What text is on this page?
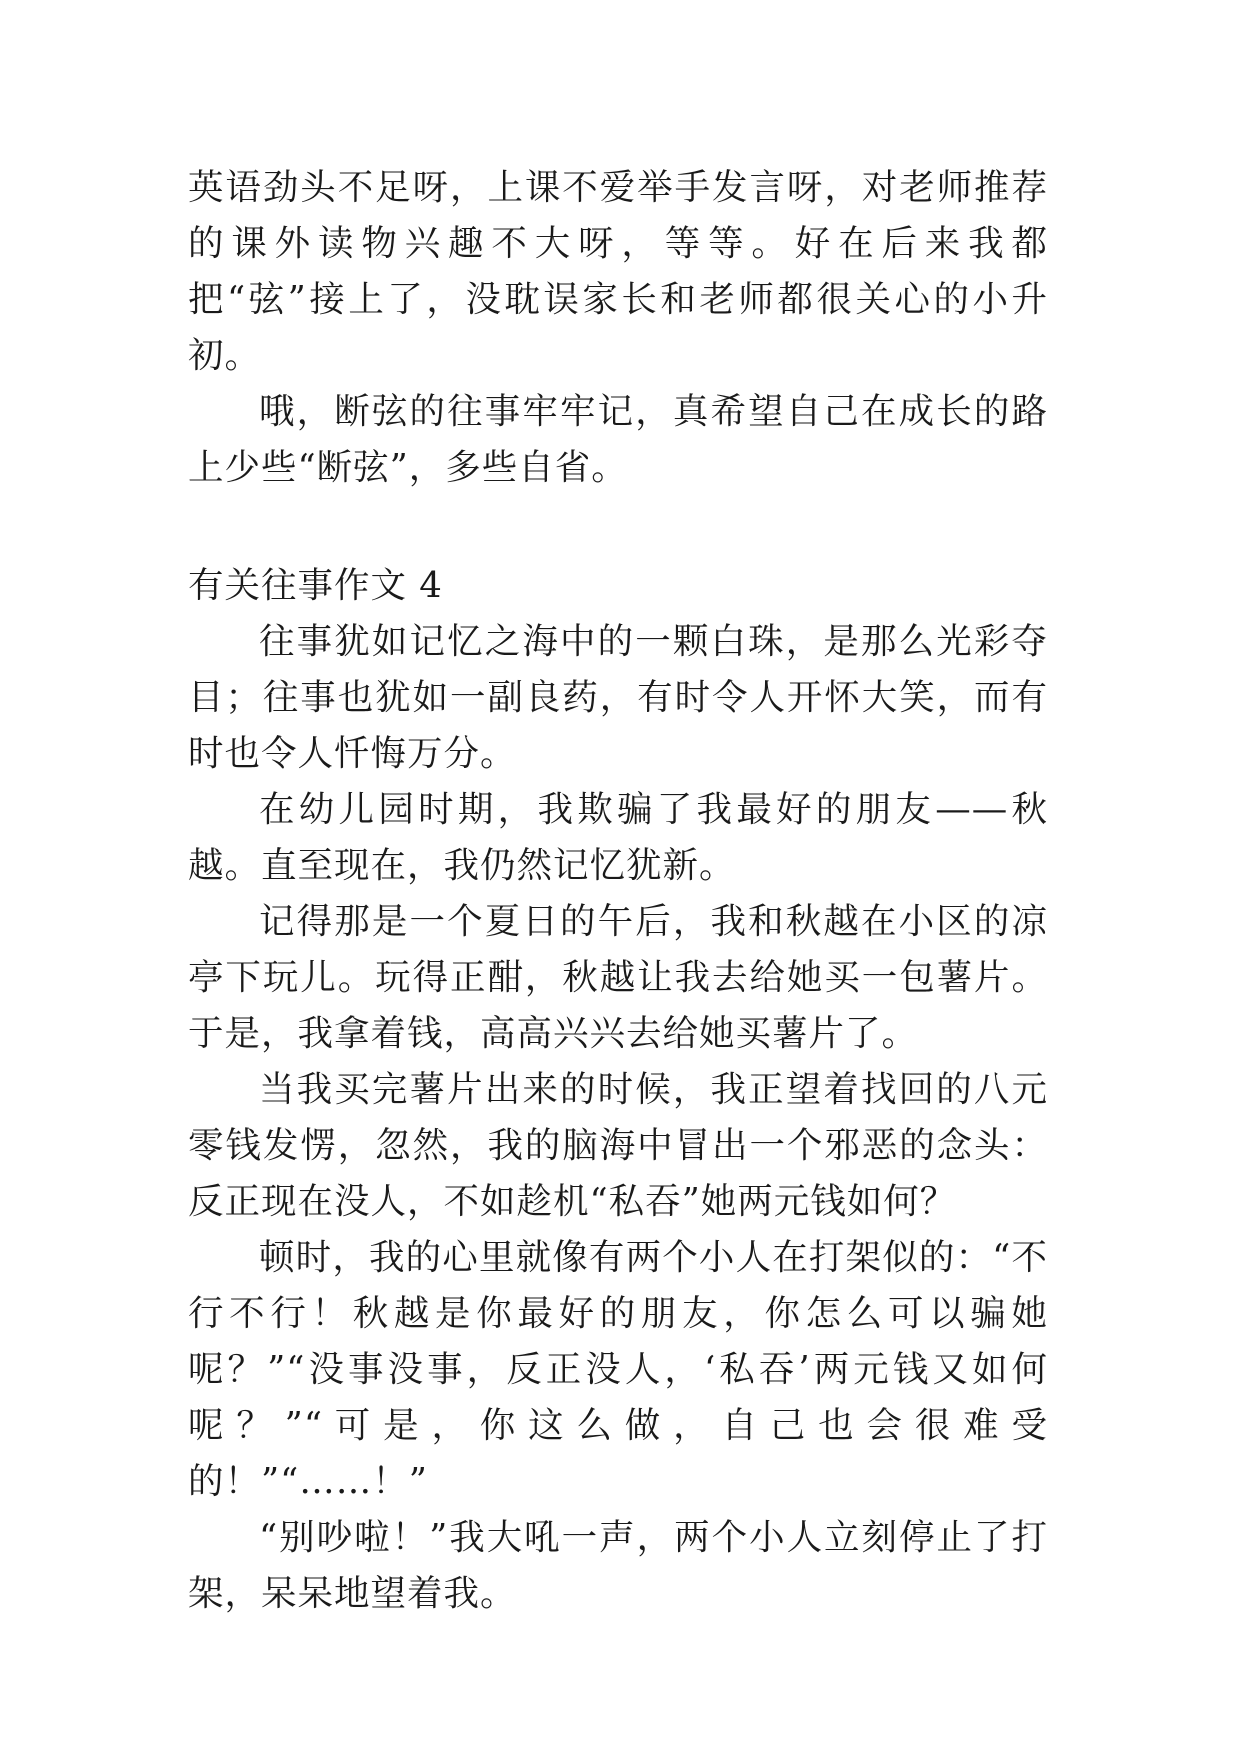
英语劲头不足呀，上课不爱举手发言呀，对老师推荐的课外读物兴趣不大呀，等等。好在后来我都把“弦”接上了，没耽误家长和老师都很关心的小升初。

哦，断弦的往事牢牢记，真希望自己在成长的路上少些“断弦”，多些自省。

有关往事作文 4

往事犹如记忆之海中的一颗白珠，是那么光彩夺目；往事也犹如一副良药，有时令人开怀大笑，而有时也令人忏悔万分。

在幼儿园时期，我欺骗了我最好的朋友——秋越。直至现在，我仍然记忆犹新。

记得那是一个夏日的午后，我和秋越在小区的凉亭下玩儿。玩得正酣，秋越让我去给她买一包薯片。于是，我拿着钱，高高兴兴去给她买薯片了。

当我买完薯片出来的时候，我正望着找回的八元零钱发愣，忽然，我的脑海中冒出一个邪恶的念头：反正现在没人，不如趁机“私吞”她两元钱如何？

顿时，我的心里就像有两个小人在打架似的：“不行不行！秋越是你最好的朋友，你怎么可以骗她呢？”“没事没事，反正没人，‘私吞’两元钱又如何呢？”“可是，你这么做，自己也会很难受的！”“……！”

“别吵啦！”我大吼一声，两个小人立刻停止了打架，呆呆地望着我。
